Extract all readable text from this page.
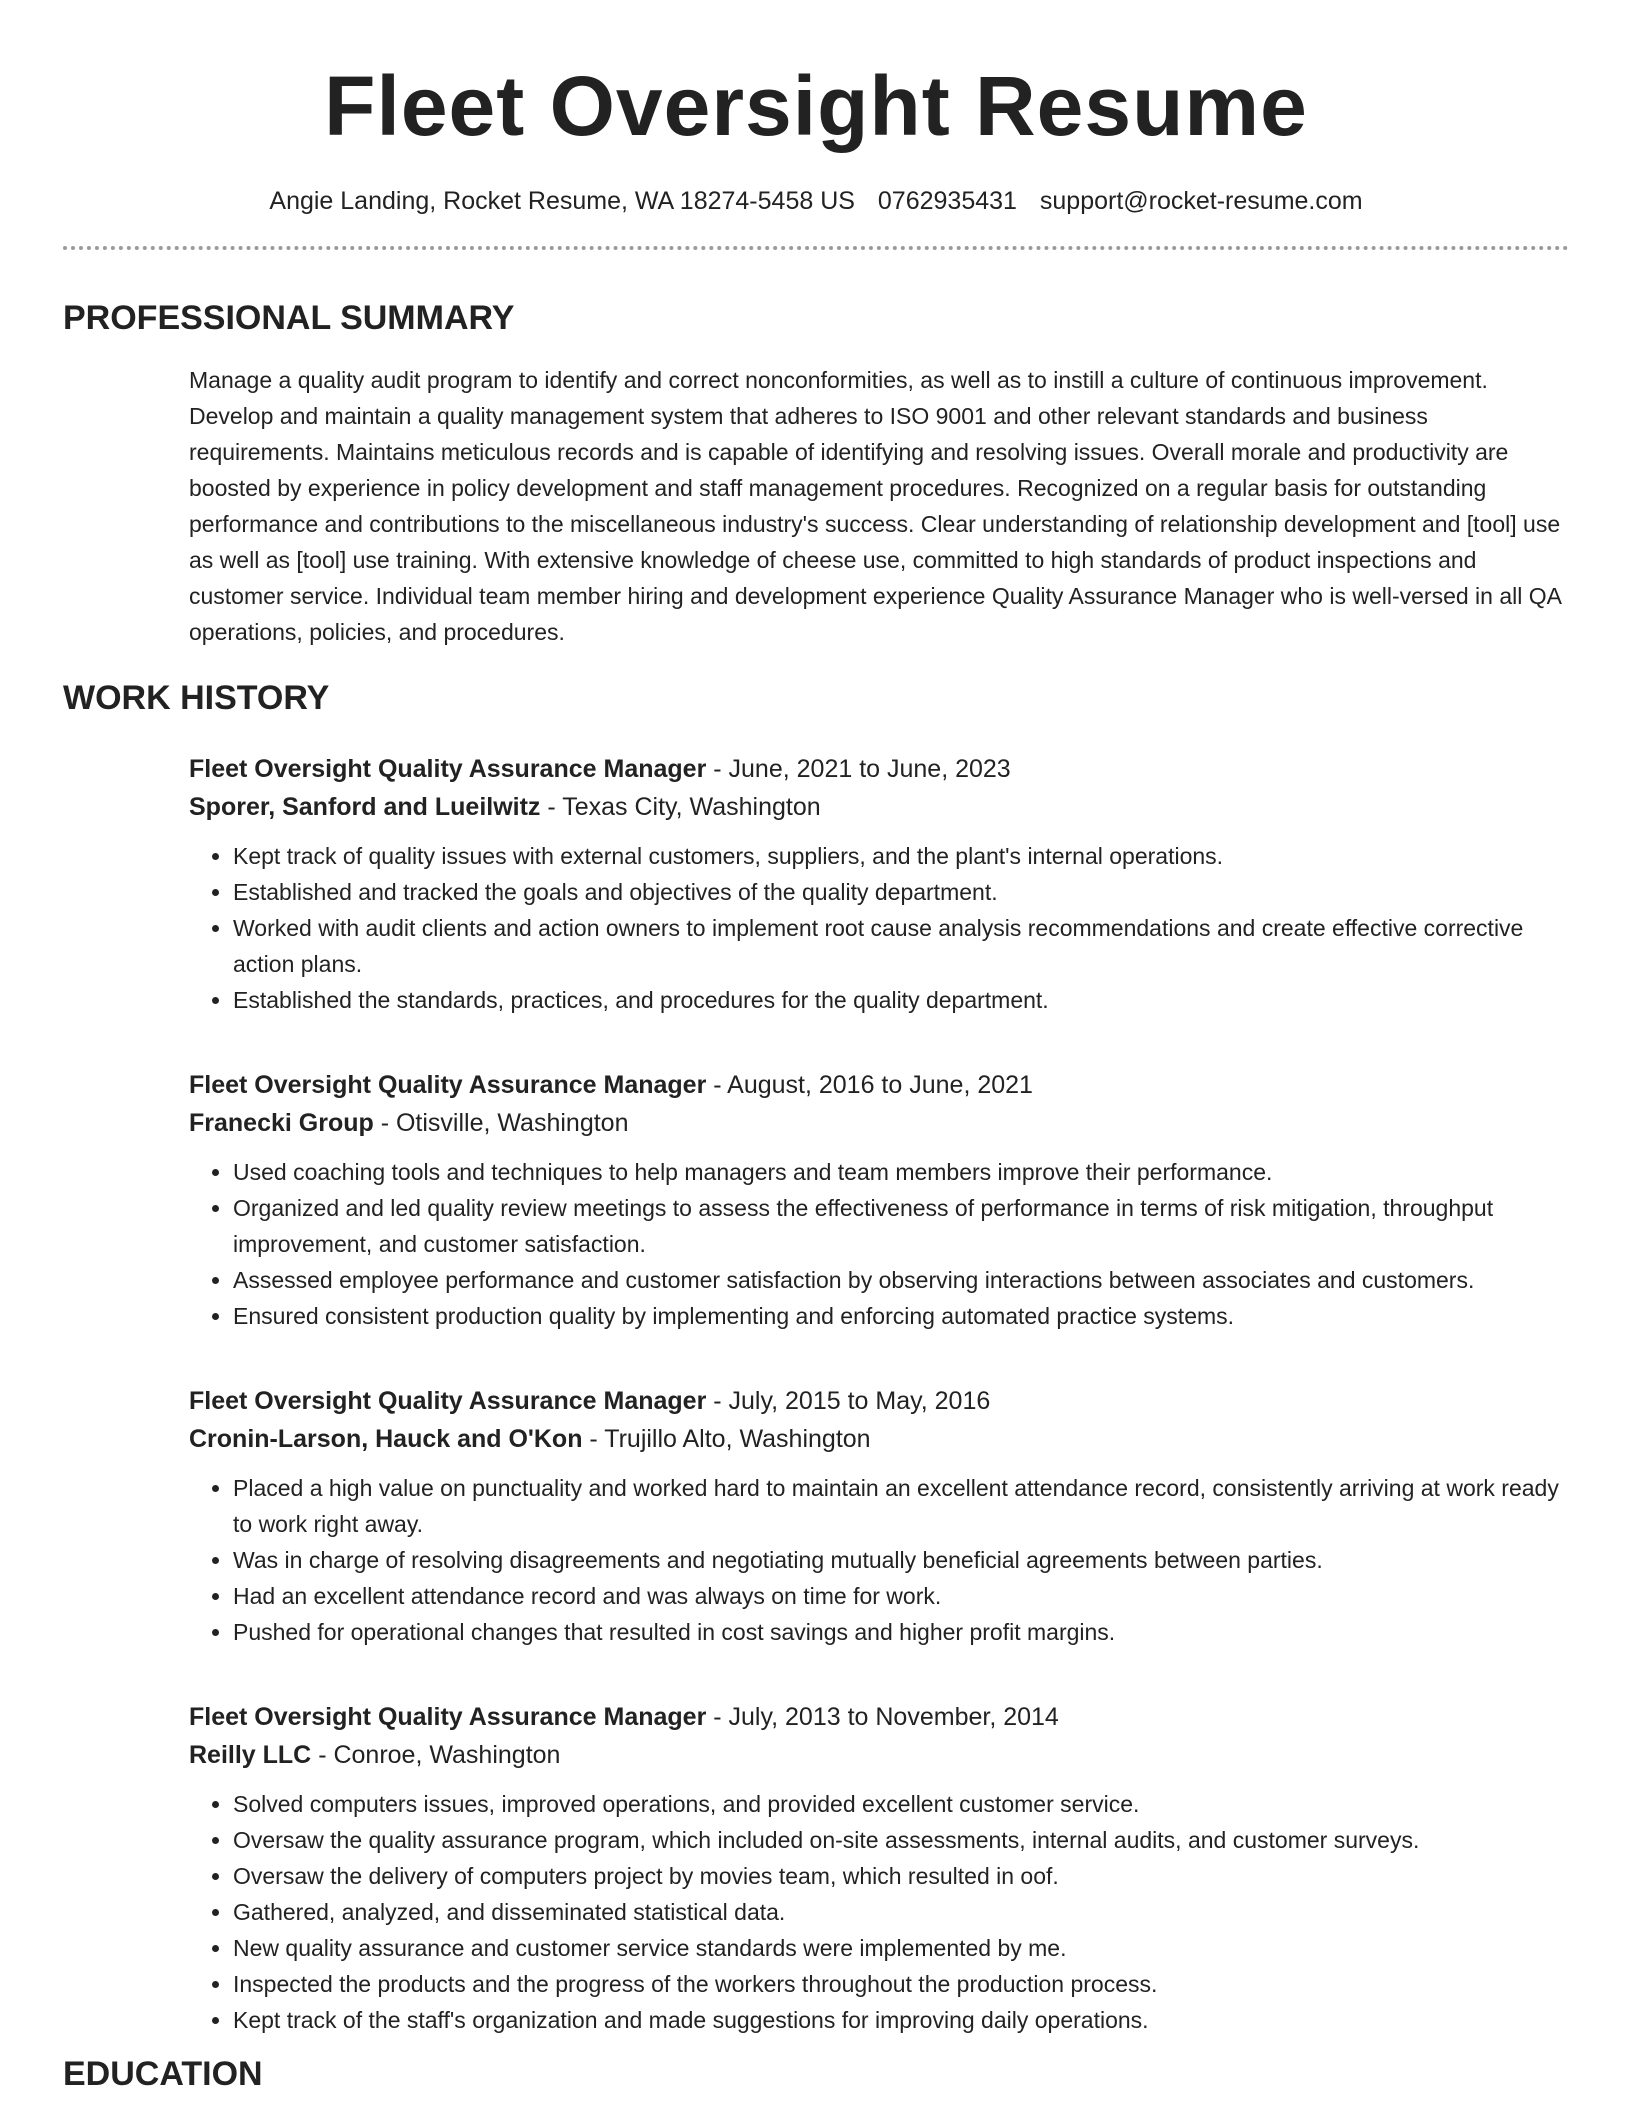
Fleet Oversight Resume
Angie Landing, Rocket Resume, WA 18274-5458 US 0762935431 support@rocket-resume.com
PROFESSIONAL SUMMARY

Manage a quality audit program to identify and correct nonconformities, as well as to instill a culture of continuous improvement. Develop and maintain a quality management system that adheres to ISO 9001 and other relevant standards and business requirements. Maintains meticulous records and is capable of identifying and resolving issues. Overall morale and productivity are boosted by experience in policy development and staff management procedures. Recognized on a regular basis for outstanding performance and contributions to the miscellaneous industry's success. Clear understanding of relationship development and [tool] use as well as [tool] use training. With extensive knowledge of cheese use, committed to high standards of product inspections and customer service. Individual team member hiring and development experience Quality Assurance Manager who is well-versed in all QA operations, policies, and procedures.

WORK HISTORY
Fleet Oversight Quality Assurance Manager - June, 2021 to June, 2023
Sporer, Sanford and Lueilwitz - Texas City, Washington
• Kept track of quality issues with external customers, suppliers, and the plant's internal operations.
• Established and tracked the goals and objectives of the quality department.
• Worked with audit clients and action owners to implement root cause analysis recommendations and create effective corrective action plans.
• Established the standards, practices, and procedures for the quality department.
Fleet Oversight Quality Assurance Manager - August, 2016 to June, 2021
Franecki Group - Otisville, Washington
• Used coaching tools and techniques to help managers and team members improve their performance.
• Organized and led quality review meetings to assess the effectiveness of performance in terms of risk mitigation, throughput improvement, and customer satisfaction.
• Assessed employee performance and customer satisfaction by observing interactions between associates and customers.
• Ensured consistent production quality by implementing and enforcing automated practice systems.
Fleet Oversight Quality Assurance Manager - July, 2015 to May, 2016
Cronin-Larson, Hauck and O'Kon - Trujillo Alto, Washington
• Placed a high value on punctuality and worked hard to maintain an excellent attendance record, consistently arriving at work ready to work right away.
• Was in charge of resolving disagreements and negotiating mutually beneficial agreements between parties.
• Had an excellent attendance record and was always on time for work.
• Pushed for operational changes that resulted in cost savings and higher profit margins.
Fleet Oversight Quality Assurance Manager - July, 2013 to November, 2014
Reilly LLC - Conroe, Washington
• Solved computers issues, improved operations, and provided excellent customer service.
• Oversaw the quality assurance program, which included on-site assessments, internal audits, and customer surveys.
• Oversaw the delivery of computers project by movies team, which resulted in oof.
• Gathered, analyzed, and disseminated statistical data.
• New quality assurance and customer service standards were implemented by me.
• Inspected the products and the progress of the workers throughout the production process.
• Kept track of the staff's organization and made suggestions for improving daily operations.
EDUCATION
